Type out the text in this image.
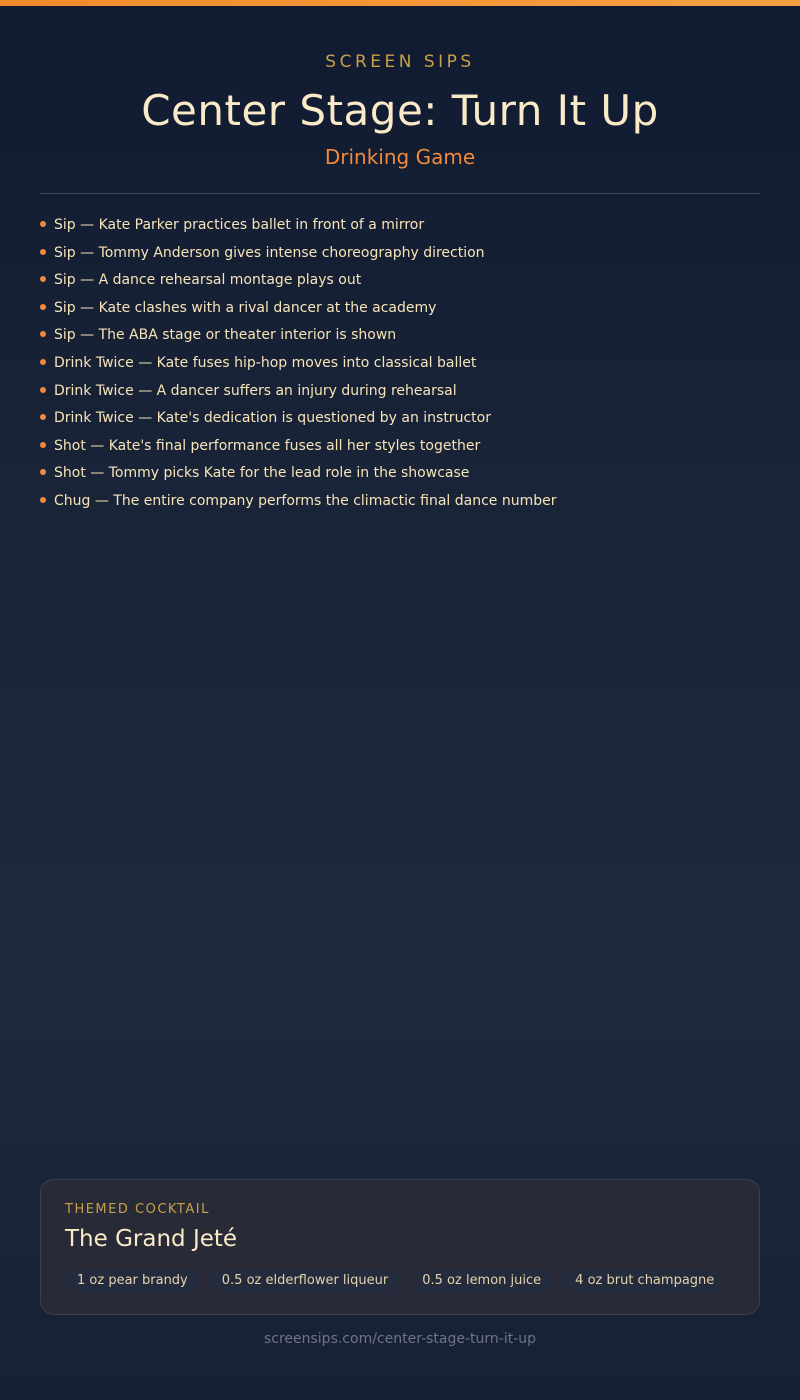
SCREEN SIPS
Center Stage: Turn It Up
Drinking Game
Sip — Kate Parker practices ballet in front of a mirror
Sip — Tommy Anderson gives intense choreography direction
Sip — A dance rehearsal montage plays out
Sip — Kate clashes with a rival dancer at the academy
Sip — The ABA stage or theater interior is shown
Drink Twice — Kate fuses hip-hop moves into classical ballet
Drink Twice — A dancer suffers an injury during rehearsal
Drink Twice — Kate's dedication is questioned by an instructor
Shot — Kate's final performance fuses all her styles together
Shot — Tommy picks Kate for the lead role in the showcase
Chug — The entire company performs the climactic final dance number
THEMED COCKTAIL
The Grand Jeté
1 oz pear brandy	0.5 oz elderflower liqueur	0.5 oz lemon juice	4 oz brut champagne
screensips.com/center-stage-turn-it-up
